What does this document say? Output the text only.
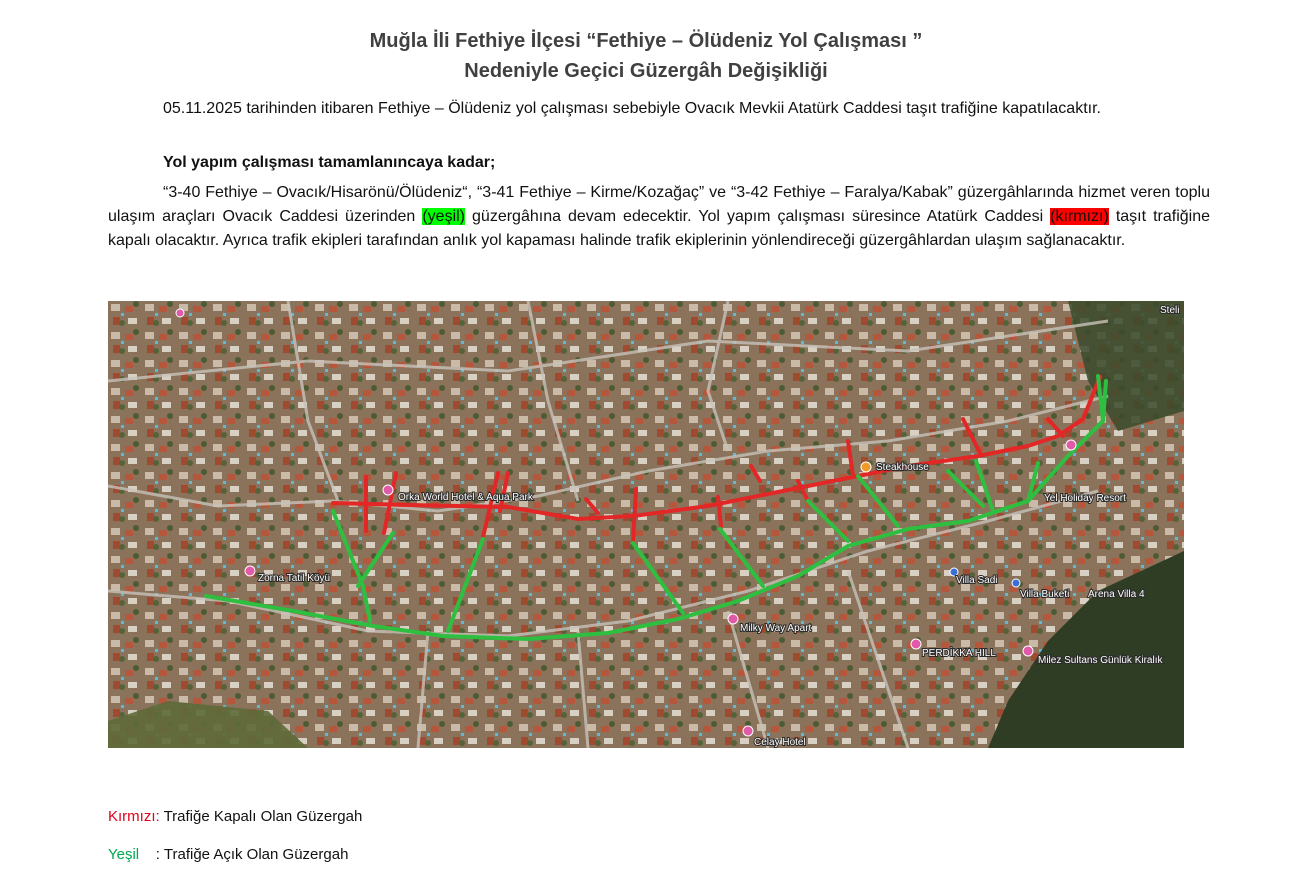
Muğla İli Fethiye İlçesi “Fethiye – Ölüdeniz Yol Çalışması ”
Nedeniyle Geçici Güzergâh Değişikliği
05.11.2025 tarihinden itibaren Fethiye – Ölüdeniz yol çalışması sebebiyle Ovacık Mevkii Atatürk Caddesi taşıt trafiğine kapatılacaktır.
Yol yapım çalışması tamamlanıncaya kadar;
“3-40 Fethiye – Ovacık/Hisarönü/Ölüdeniz“, “3-41 Fethiye – Kirme/Kozağaç” ve “3-42 Fethiye – Faralya/Kabak” güzergâhlarında hizmet veren toplu ulaşım araçları Ovacık Caddesi üzerinden (yeşil) güzergâhına devam edecektir. Yol yapım çalışması süresince Atatürk Caddesi (kırmızı) taşıt trafiğine kapalı olacaktır. Ayrıca trafik ekipleri tarafından anlık yol kapaması halinde trafik ekiplerinin yönlendireceği güzergâhlardan ulaşım sağlanacaktır.
Steakhouse
Yel Holiday Resort
Orka World Hotel & Aqua Park
Zorna Tatil Köyü	Villa Sadi
Villa Buketi Arena Villa 4
Milky Way Apart
PERDİKKA HILL
Milez Sultans Günlük Kiralık
Celay Hotel
Steli
Kırmızı: Trafiğe Kapalı Olan Güzergah
Yeşil    : Trafiğe Açık Olan Güzergah
